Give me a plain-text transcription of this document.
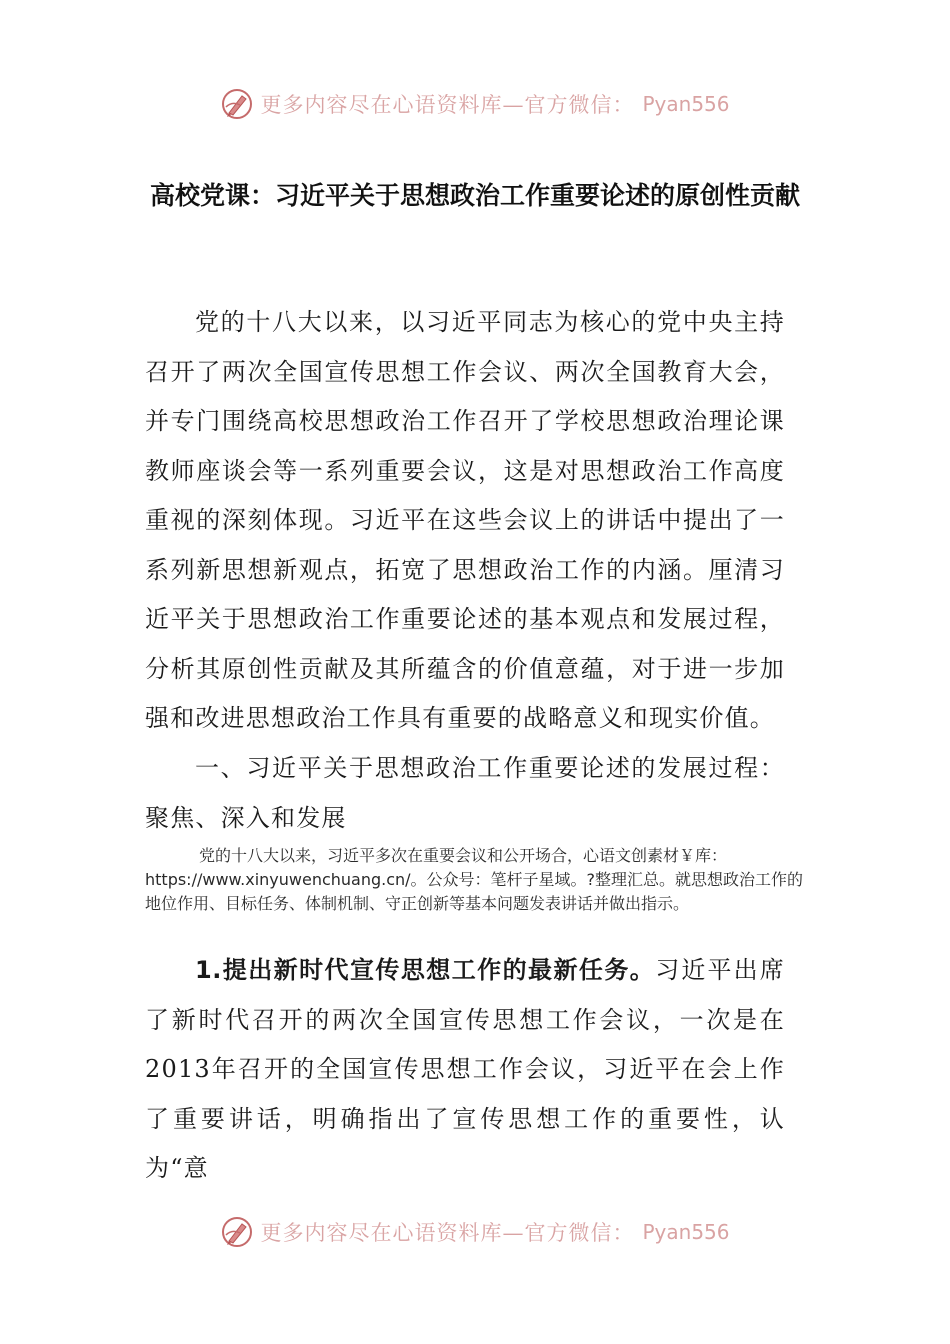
更多内容尽在心语资料库—官方微信： Pyan556
高校党课：习近平关于思想政治工作重要论述的原创性贡献
党的十八大以来，以习近平同志为核心的党中央主持召开了两次全国宣传思想工作会议、两次全国教育大会，并专门围绕高校思想政治工作召开了学校思想政治理论课教师座谈会等一系列重要会议，这是对思想政治工作高度重视的深刻体现。习近平在这些会议上的讲话中提出了一系列新思想新观点，拓宽了思想政治工作的内涵。厘清习近平关于思想政治工作重要论述的基本观点和发展过程，分析其原创性贡献及其所蕴含的价值意蕴，对于进一步加强和改进思想政治工作具有重要的战略意义和现实价值。
一、习近平关于思想政治工作重要论述的发展过程：聚焦、深入和发展
党的十八大以来，习近平多次在重要会议和公开场合，心语文创素材￥库：https://www.xinyuwenchuang.cn/。公众号：笔杆子星域。?整理汇总。就思想政治工作的地位作用、目标任务、体制机制、守正创新等基本问题发表讲话并做出指示。
1.提出新时代宣传思想工作的最新任务。习近平出席了新时代召开的两次全国宣传思想工作会议，一次是在2013年召开的全国宣传思想工作会议，习近平在会上作了重要讲话，明确指出了宣传思想工作的重要性，认为“意
更多内容尽在心语资料库—官方微信： Pyan556
